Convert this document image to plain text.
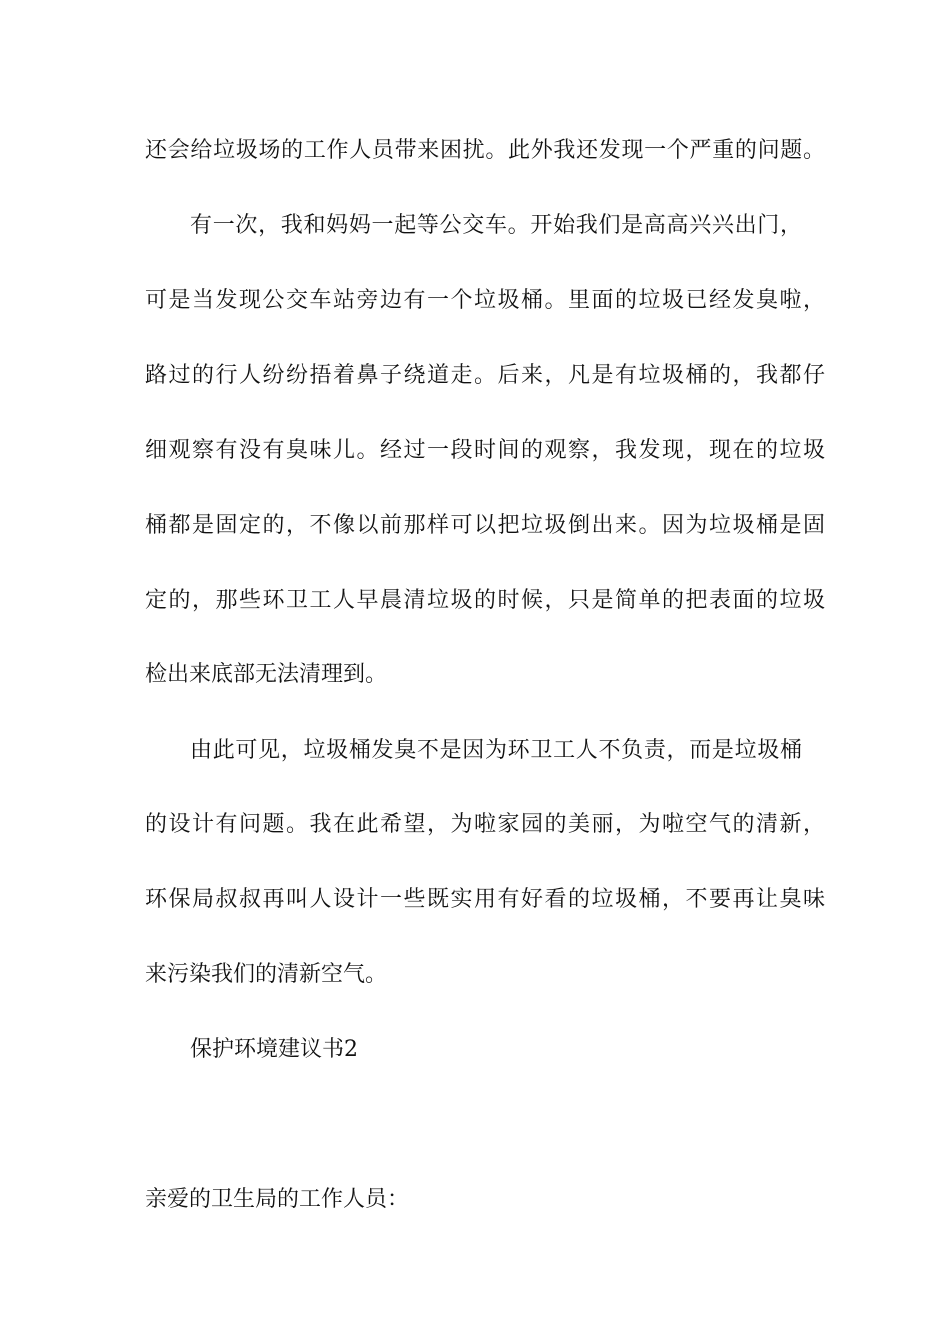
还会给垃圾场的工作人员带来困扰。此外我还发现一个严重的问题。
有一次，我和妈妈一起等公交车。开始我们是高高兴兴出门，
可是当发现公交车站旁边有一个垃圾桶。里面的垃圾已经发臭啦，
路过的行人纷纷捂着鼻子绕道走。后来，凡是有垃圾桶的，我都仔
细观察有没有臭味儿。经过一段时间的观察，我发现，现在的垃圾
桶都是固定的，不像以前那样可以把垃圾倒出来。因为垃圾桶是固
定的，那些环卫工人早晨清垃圾的时候，只是简单的把表面的垃圾
检出来底部无法清理到。
由此可见，垃圾桶发臭不是因为环卫工人不负责，而是垃圾桶
的设计有问题。我在此希望，为啦家园的美丽，为啦空气的清新，
环保局叔叔再叫人设计一些既实用有好看的垃圾桶，不要再让臭味
来污染我们的清新空气。
保护环境建议书2
亲爱的卫生局的工作人员：
